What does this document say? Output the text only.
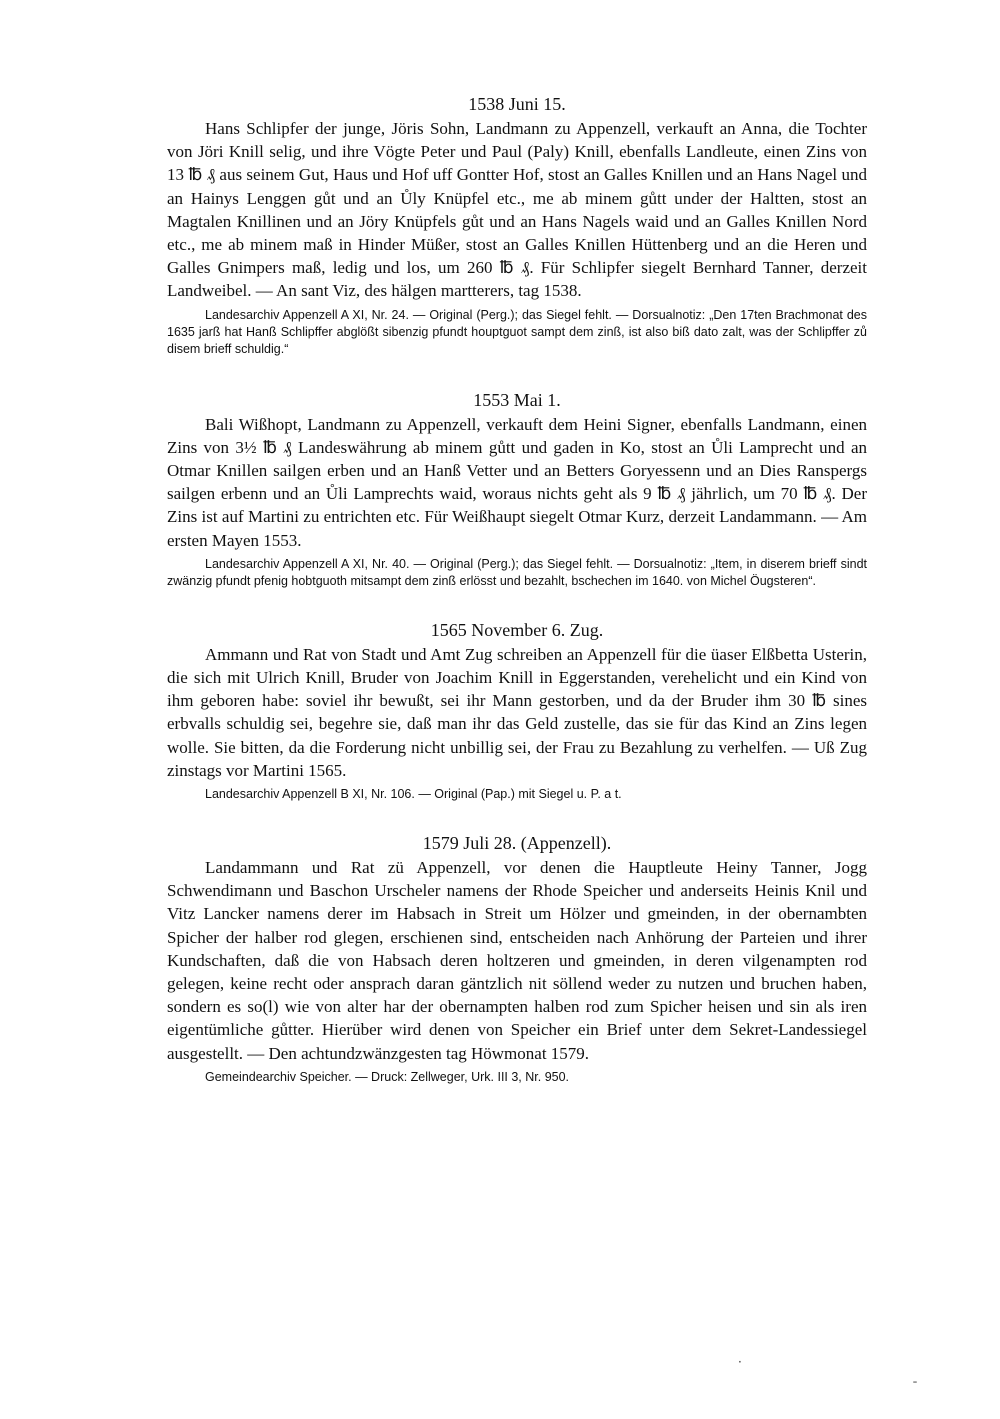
1538 Juni 15.

Hans Schlipfer der junge, Jöris Sohn, Landmann zu Appenzell, verkauft an Anna, die Tochter von Jöri Knill selig, und ihre Vögte Peter und Paul (Paly) Knill, ebenfalls Landleute, einen Zins von 13 ℔ ₰ aus seinem Gut, Haus und Hof uff Gontter Hof, stost an Galles Knillen und an Hans Nagel und an Hainys Lenggen gůt und an Ůly Knüpfel etc., me ab minem gůtt under der Haltten, stost an Magtalen Knillinen und an Jöry Knüpfels gůt und an Hans Nagels waid und an Galles Knillen Nord etc., me ab minem maß in Hinder Müßer, stost an Galles Knillen Hüttenberg und an die Heren und Galles Gnimpers maß, ledig und los, um 260 ℔ ₰. Für Schlipfer siegelt Bernhard Tanner, derzeit Landweibel. — An sant Viz, des hälgen martterers, tag 1538.

Landesarchiv Appenzell A XI, Nr. 24. — Original (Perg.); das Siegel fehlt. — Dorsualnotiz: „Den 17ten Brachmonat des 1635 jarß hat Hanß Schlipffer abglößt sibenzig pfundt houptguot sampt dem zinß, ist also biß dato zalt, was der Schlipffer zů disem brieff schuldig.“

1553 Mai 1.

Bali Wißhopt, Landmann zu Appenzell, verkauft dem Heini Signer, ebenfalls Landmann, einen Zins von 3½ ℔ ₰ Landeswährung ab minem gůtt und gaden in Ko, stost an Ůli Lamprecht und an Otmar Knillen sailgen erben und an Hanß Vetter und an Betters Goryessenn und an Dies Ranspergs sailgen erbenn und an Ůli Lamprechts waid, woraus nichts geht als 9 ℔ ₰ jährlich, um 70 ℔ ₰. Der Zins ist auf Martini zu entrichten etc. Für Weißhaupt siegelt Otmar Kurz, derzeit Landammann. — Am ersten Mayen 1553.

Landesarchiv Appenzell A XI, Nr. 40. — Original (Perg.); das Siegel fehlt. — Dorsualnotiz: „Item, in diserem brieff sindt zwänzig pfundt pfenig hobtguoth mitsampt dem zinß erlösst und bezahlt, bschechen im 1640. von Michel Öugsteren“.

1565 November 6. Zug.

Ammann und Rat von Stadt und Amt Zug schreiben an Appenzell für die üaser Elßbetta Usterin, die sich mit Ulrich Knill, Bruder von Joachim Knill in Eggerstanden, verehelicht und ein Kind von ihm geboren habe: soviel ihr bewußt, sei ihr Mann gestorben, und da der Bruder ihm 30 ℔ sines erbvalls schuldig sei, begehre sie, daß man ihr das Geld zustelle, das sie für das Kind an Zins legen wolle. Sie bitten, da die Forderung nicht unbillig sei, der Frau zu Bezahlung zu verhelfen. — Uß Zug zinstags vor Martini 1565.

Landesarchiv Appenzell B XI, Nr. 106. — Original (Pap.) mit Siegel u. P. a t.

1579 Juli 28. (Appenzell).

Landammann und Rat zü Appenzell, vor denen die Hauptleute Heiny Tanner, Jogg Schwendimann und Baschon Urscheler namens der Rhode Speicher und anderseits Heinis Knil und Vitz Lancker namens derer im Habsach in Streit um Hölzer und gmeinden, in der obernambten Spicher der halber rod glegen, erschienen sind, entscheiden nach Anhörung der Parteien und ihrer Kundschaften, daß die von Habsach deren holtzeren und gmeinden, in deren vilgenampten rod gelegen, keine recht oder ansprach daran gäntzlich nit söllend weder zu nutzen und bruchen haben, sondern es so(l) wie von alter har der obernampten halben rod zum Spicher heisen und sin als iren eigentümliche gůtter. Hierüber wird denen von Speicher ein Brief unter dem Sekret-Landessiegel ausgestellt. — Den achtundzwänzgesten tag Höwmonat 1579.

Gemeindearchiv Speicher. — Druck: Zellweger, Urk. III 3, Nr. 950.

·
ˉ
